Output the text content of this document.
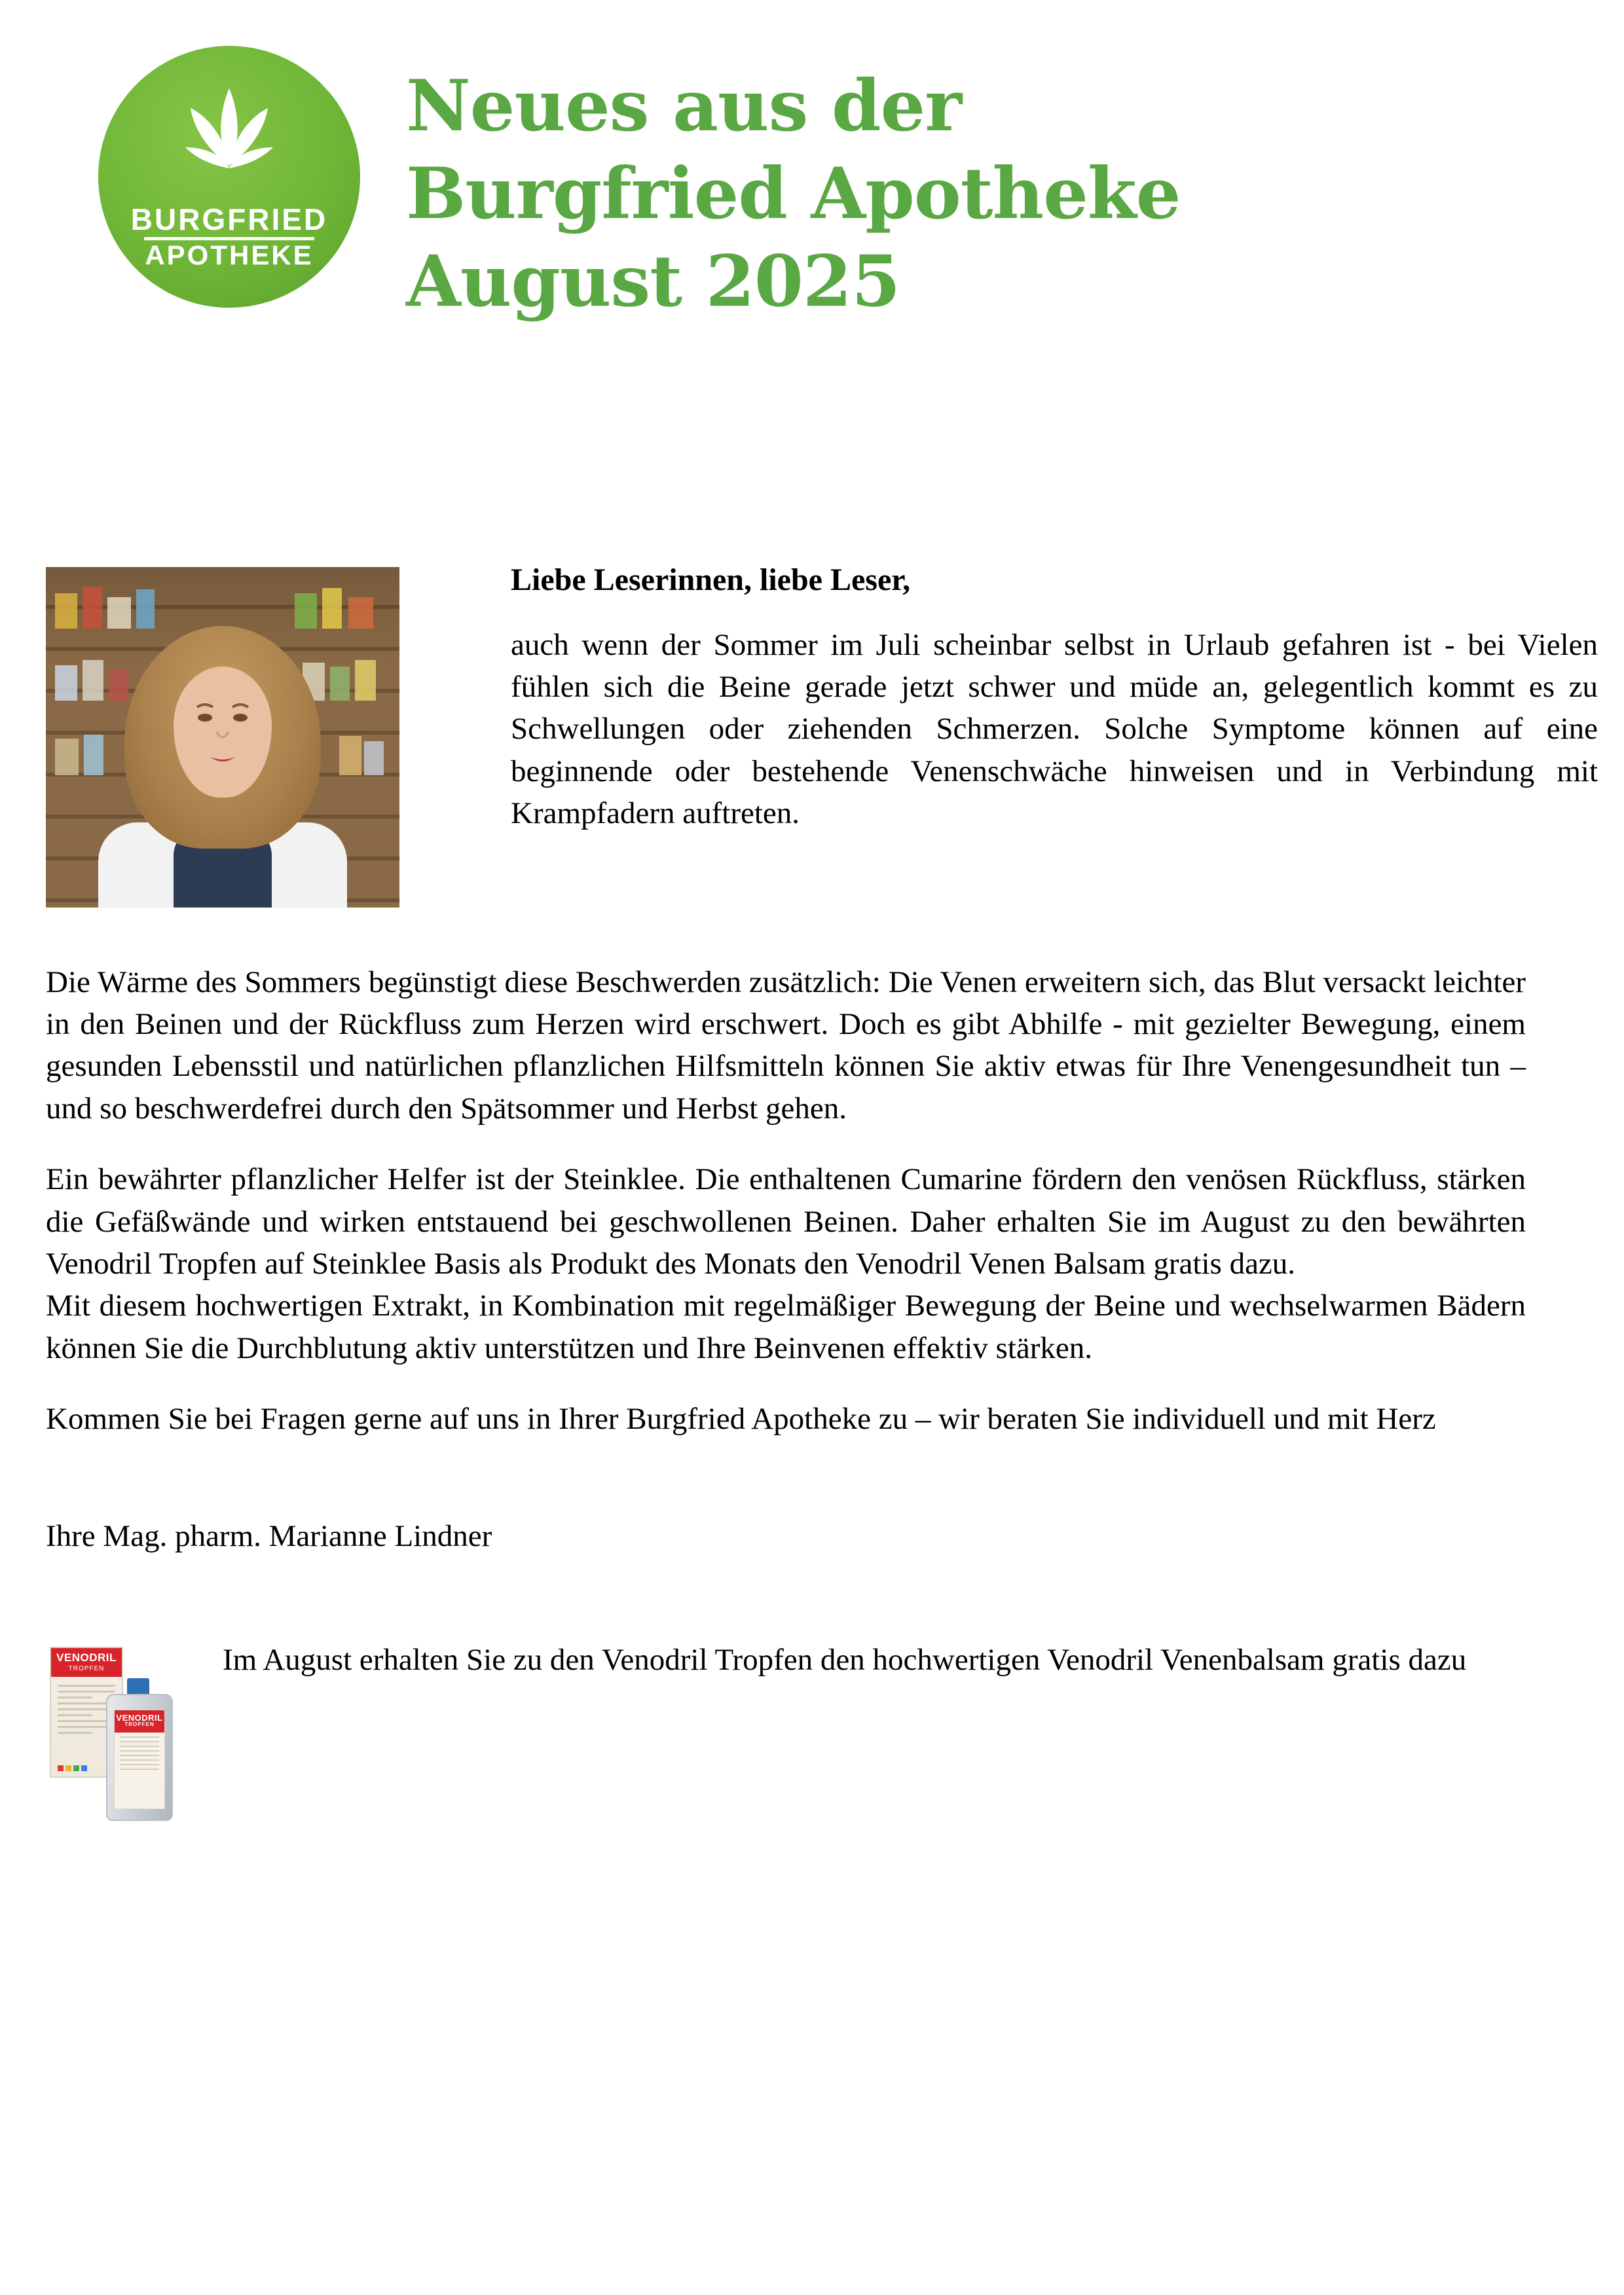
BURGFRIED
APOTHEKE
Neues aus der
Burgfried Apotheke
August 2025
Liebe Leserinnen, liebe Leser,

auch wenn der Sommer im Juli scheinbar selbst in Urlaub gefahren ist - bei Vielen fühlen sich die Beine gerade jetzt schwer und müde an, gelegentlich kommt es zu Schwellungen oder ziehenden Schmerzen. Solche Symptome können auf eine beginnende oder bestehende Venenschwäche hinweisen und in Verbindung mit Krampfadern auftreten.

Die Wärme des Sommers begünstigt diese Beschwerden zusätzlich: Die Venen erweitern sich, das Blut versackt leichter in den Beinen und der Rückfluss zum Herzen wird erschwert. Doch es gibt Abhilfe - mit gezielter Bewegung, einem gesunden Lebensstil und natürlichen pflanzlichen Hilfsmitteln können Sie aktiv etwas für Ihre Venengesundheit tun – und so beschwerdefrei durch den Spätsommer und Herbst gehen.

Ein bewährter pflanzlicher Helfer ist der Steinklee. Die enthaltenen Cumarine fördern den venösen Rückfluss, stärken die Gefäßwände und wirken entstauend bei geschwollenen Beinen. Daher erhalten Sie im August zu den bewährten Venodril Tropfen auf Steinklee Basis als Produkt des Monats den Venodril Venen Balsam gratis dazu.

Mit diesem hochwertigen Extrakt, in Kombination mit regelmäßiger Bewegung der Beine und wechselwarmen Bädern können Sie die Durchblutung aktiv unterstützen und Ihre Beinvenen effektiv stärken.

Kommen Sie bei Fragen gerne auf uns in Ihrer Burgfried Apotheke zu – wir beraten Sie individuell und mit Herz

Ihre Mag. pharm. Marianne Lindner
VENODRIL
TROPFEN
VENODRIL
TROPFEN
Im August erhalten Sie zu den Venodril Tropfen den hochwertigen Venodril Venenbalsam gratis dazu
